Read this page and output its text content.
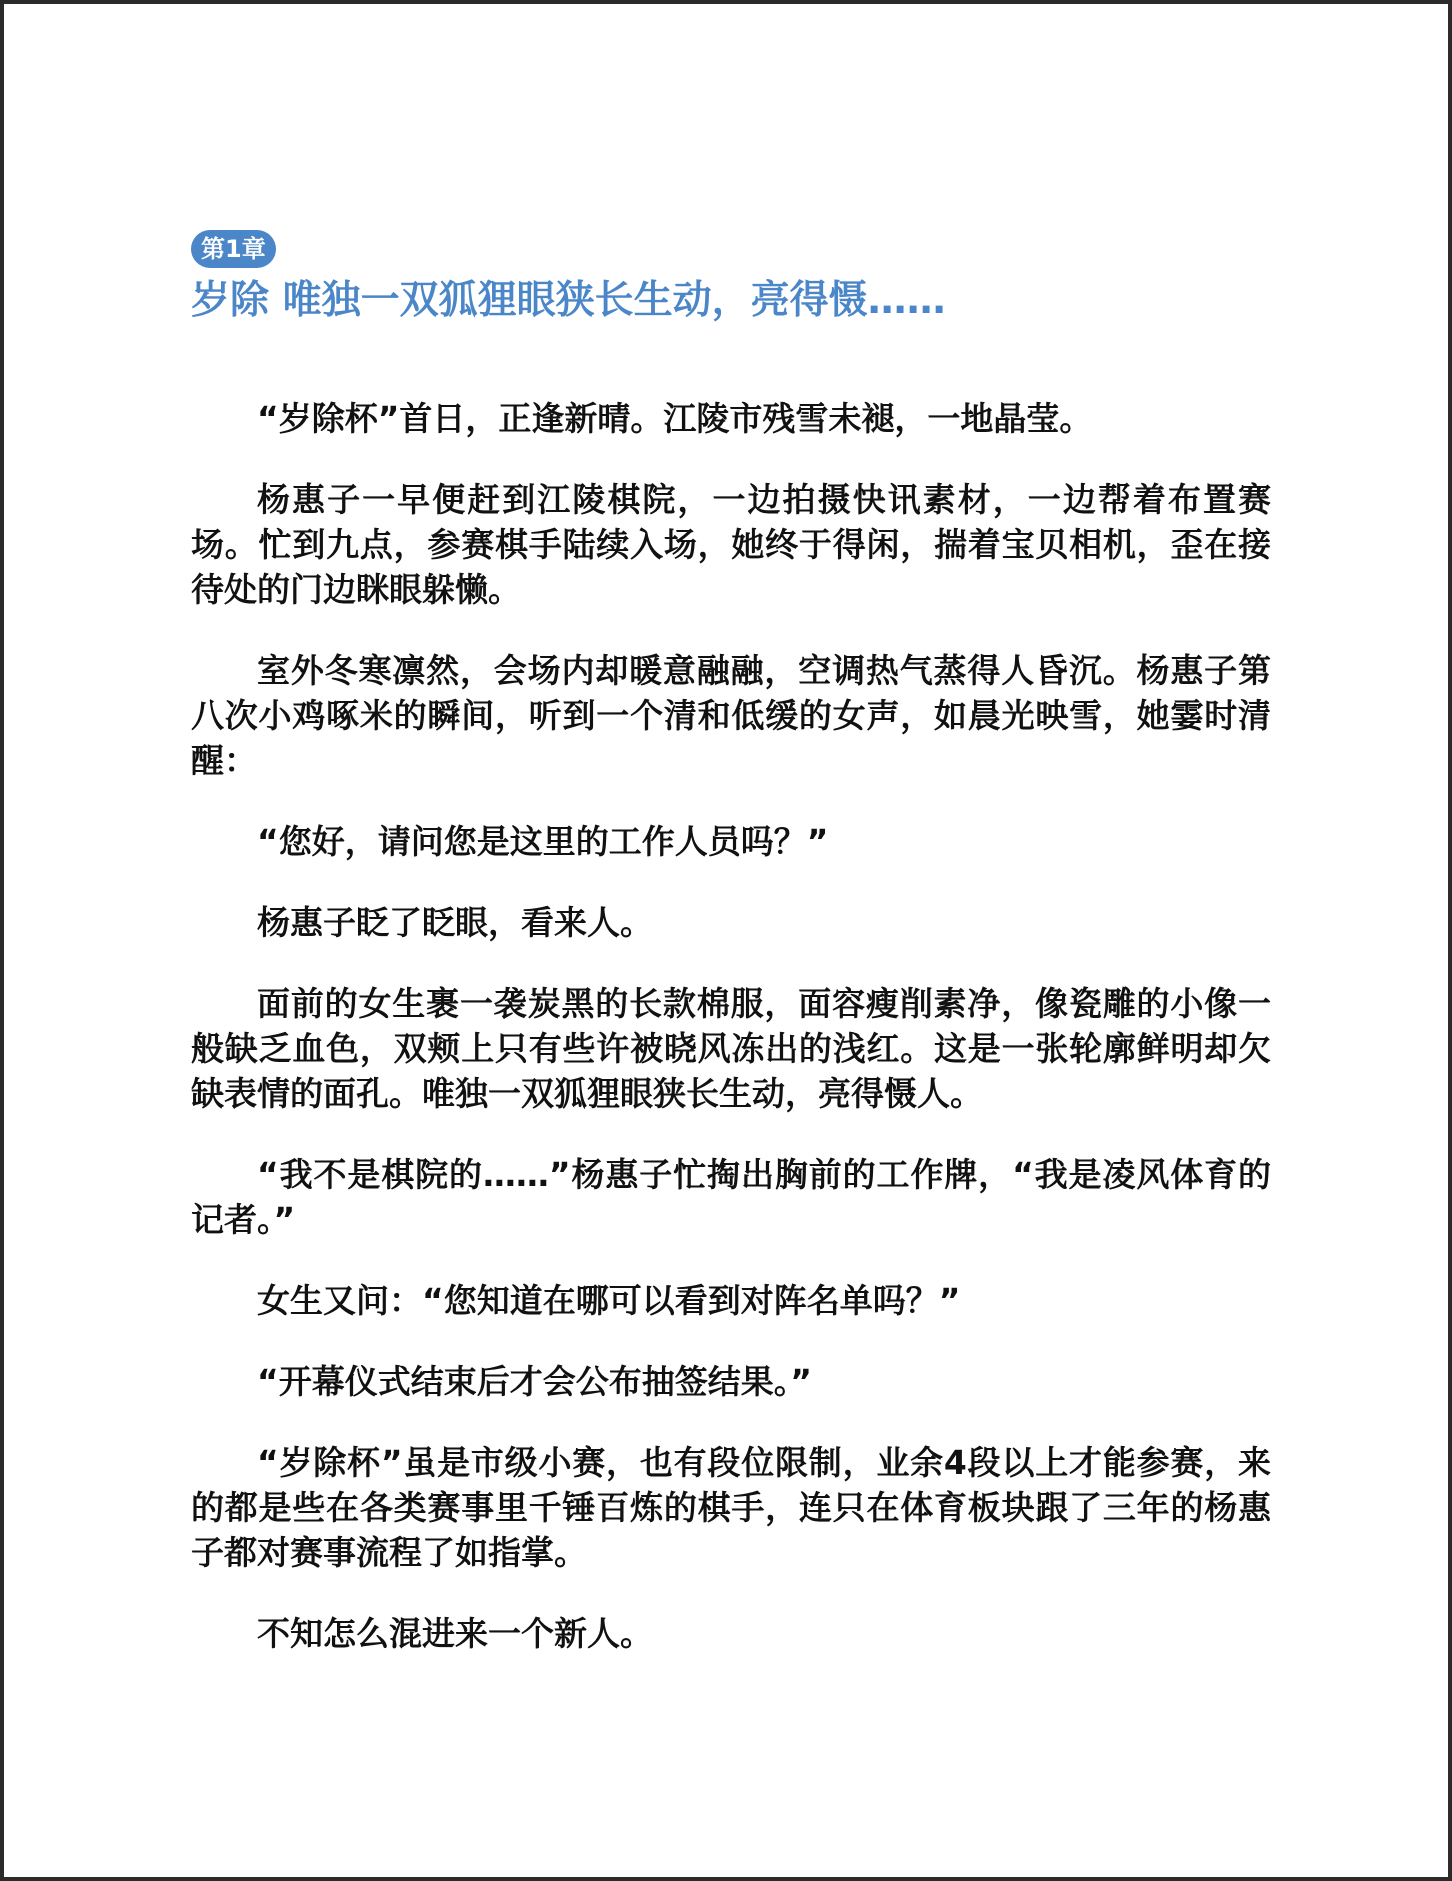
第1章
岁除 唯独一双狐狸眼狭长生动，亮得慑……

“岁除杯”首日，正逢新晴。江陵市残雪未褪，一地晶莹。

杨惠子一早便赶到江陵棋院，一边拍摄快讯素材，一边帮着布置赛场。忙到九点，参赛棋手陆续入场，她终于得闲，揣着宝贝相机，歪在接待处的门边眯眼躲懒。

室外冬寒凛然，会场内却暖意融融，空调热气蒸得人昏沉。杨惠子第八次小鸡啄米的瞬间，听到一个清和低缓的女声，如晨光映雪，她霎时清醒：

“您好，请问您是这里的工作人员吗？”

杨惠子眨了眨眼，看来人。

面前的女生裹一袭炭黑的长款棉服，面容瘦削素净，像瓷雕的小像一般缺乏血色，双颊上只有些许被晓风冻出的浅红。这是一张轮廓鲜明却欠缺表情的面孔。唯独一双狐狸眼狭长生动，亮得慑人。

“我不是棋院的……”杨惠子忙掏出胸前的工作牌，“我是凌风体育的记者。”

女生又问：“您知道在哪可以看到对阵名单吗？”

“开幕仪式结束后才会公布抽签结果。”

“岁除杯”虽是市级小赛，也有段位限制，业余4段以上才能参赛，来的都是些在各类赛事里千锤百炼的棋手，连只在体育板块跟了三年的杨惠子都对赛事流程了如指掌。

不知怎么混进来一个新人。
